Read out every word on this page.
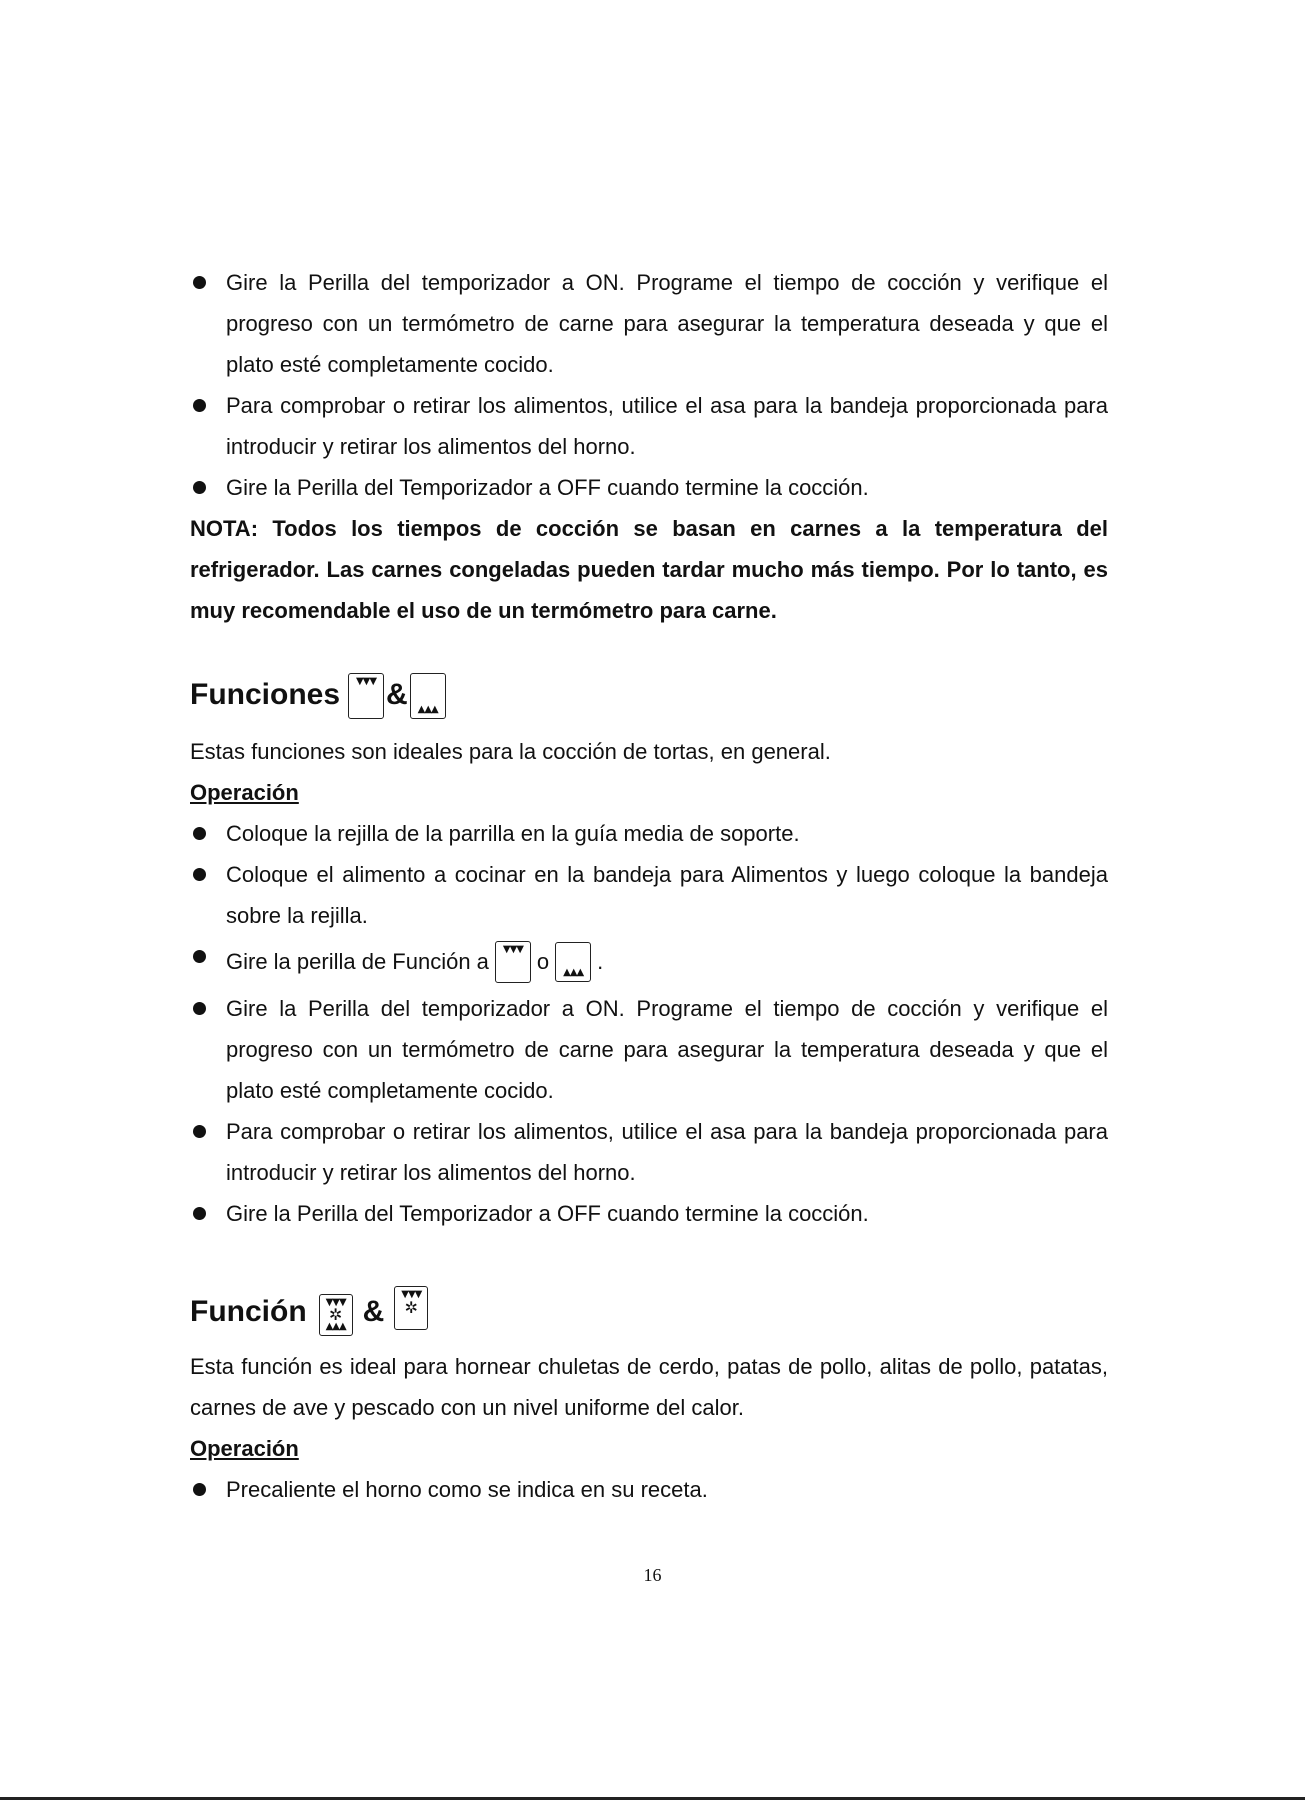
Gire la Perilla del temporizador a ON. Programe el tiempo de cocción y verifique el progreso con un termómetro de carne para asegurar la temperatura deseada y que el plato esté completamente cocido.
Para comprobar o retirar los alimentos, utilice el asa para la bandeja proporcionada para introducir y retirar los alimentos del horno.
Gire la Perilla del Temporizador a OFF cuando termine la cocción.

NOTA: Todos los tiempos de cocción se basan en carnes a la temperatura del refrigerador. Las carnes congeladas pueden tardar mucho más tiempo. Por lo tanto, es muy recomendable el uso de un termómetro para carne.

Funciones	▼▼▼ & ▲▲▲

Estas funciones son ideales para la cocción de tortas, en general.

Operación

Coloque la rejilla de la parrilla en la guía media de soporte.
Coloque el alimento a cocinar en la bandeja para Alimentos y luego coloque la bandeja sobre la rejilla.
Gire la perilla de Función a	▼▼▼ o	▲▲▲ .
Gire la Perilla del temporizador a ON. Programe el tiempo de cocción y verifique el progreso con un termómetro de carne para asegurar la temperatura deseada y que el plato esté completamente cocido.
Para comprobar o retirar los alimentos, utilice el asa para la bandeja proporcionada para introducir y retirar los alimentos del horno.
Gire la Perilla del Temporizador a OFF cuando termine la cocción.
Función	▼▼▼
✲
▲▲▲ &
▼▼▼
✲

Esta función es ideal para hornear chuletas de cerdo, patas de pollo, alitas de pollo, patatas, carnes de ave y pescado con un nivel uniforme del calor.

Operación

Precaliente el horno como se indica en su receta.
16
